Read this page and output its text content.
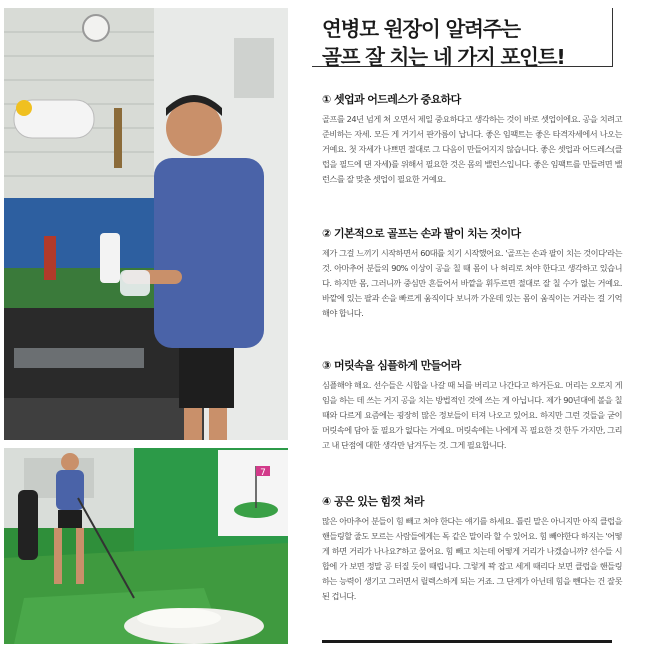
7
연병모 원장이 알려주는
골프 잘 치는 네 가지 포인트!
① 셋업과 어드레스가 중요하다
골프를 24년 넘게 쳐 오면서 제일 중요하다고 생각하는 것이 바로 셋업이에요. 공을 치려고 준비하는 자세. 모든 게 거기서 판가름이 납니다. 좋은 임팩트는 좋은 타격자세에서 나오는 거예요. 첫 자세가 나쁘면 절대로 그 다음이 만들어지지 않습니다. 좋은 셋업과 어드레스(클럽을 필드에 댄 자세)를 위해서 필요한 것은 몸의 밸런스입니다. 좋은 임팩트를 만들려면 밸런스를 잘 맞춘 셋업이 필요한 거예요.
② 기본적으로 골프는 손과 팔이 치는 것이다
제가 그걸 느끼기 시작하면서 60대를 치기 시작했어요. '골프는 손과 팔이 치는 것이다'라는 것. 아마추어 분들의 90% 이상이 공을 칠 때 몸이 나 허리로 쳐야 한다고 생각하고 있습니다. 하지만 몸, 그러니까 중심만 흔들어서 바깥을 휘두르면 절대로 잘 칠 수가 없는 거예요. 바깥에 있는 팔과 손을 빠르게 움직이다 보니까 가운데 있는 몸이 움직이는 거라는 걸 기억해야 합니다.
③ 머릿속을 심플하게 만들어라
심플해야 해요. 선수들은 시합을 나갈 때 뇌를 버리고 나간다고 하거든요. 머리는 오로지 게임을 하는 데 쓰는 거지 공을 치는 방법적인 것에 쓰는 게 아닙니다. 제가 90년대에 볼을 칠 때와 다르게 요즘에는 굉장히 많은 정보들이 터져 나오고 있어요. 하지만 그런 것들을 굳이 머릿속에 담아 둘 필요가 없다는 거예요. 머릿속에는 나에게 꼭 필요한 것 한두 가지만, 그리고 내 단점에 대한 생각만 남겨두는 것. 그게 필요합니다.
④ 공은 있는 힘껏 쳐라
많은 아마추어 분들이 힘 빼고 쳐야 한다는 얘기를 하세요. 틀린 말은 아니지만 아직 클럽을 핸들링할 줄도 모르는 사람들에게는 독 같은 말이라 할 수 있어요. 힘 빼야한다 하지는 '어떻게 하면 거리가 나나요?'하고 물어요. 힘 빼고 치는데 어떻게 거리가 나겠습니까? 선수들 시합에 가 보면 정말 공 터질 듯이 때립니다. 그렇게 꽉 잡고 세게 때리다 보면 클럽을 핸들링하는 능력이 생기고 그러면서 릴렉스하게 되는 거죠. 그 단계가 아닌데 힘을 뺀다는 건 잘못된 겁니다.
